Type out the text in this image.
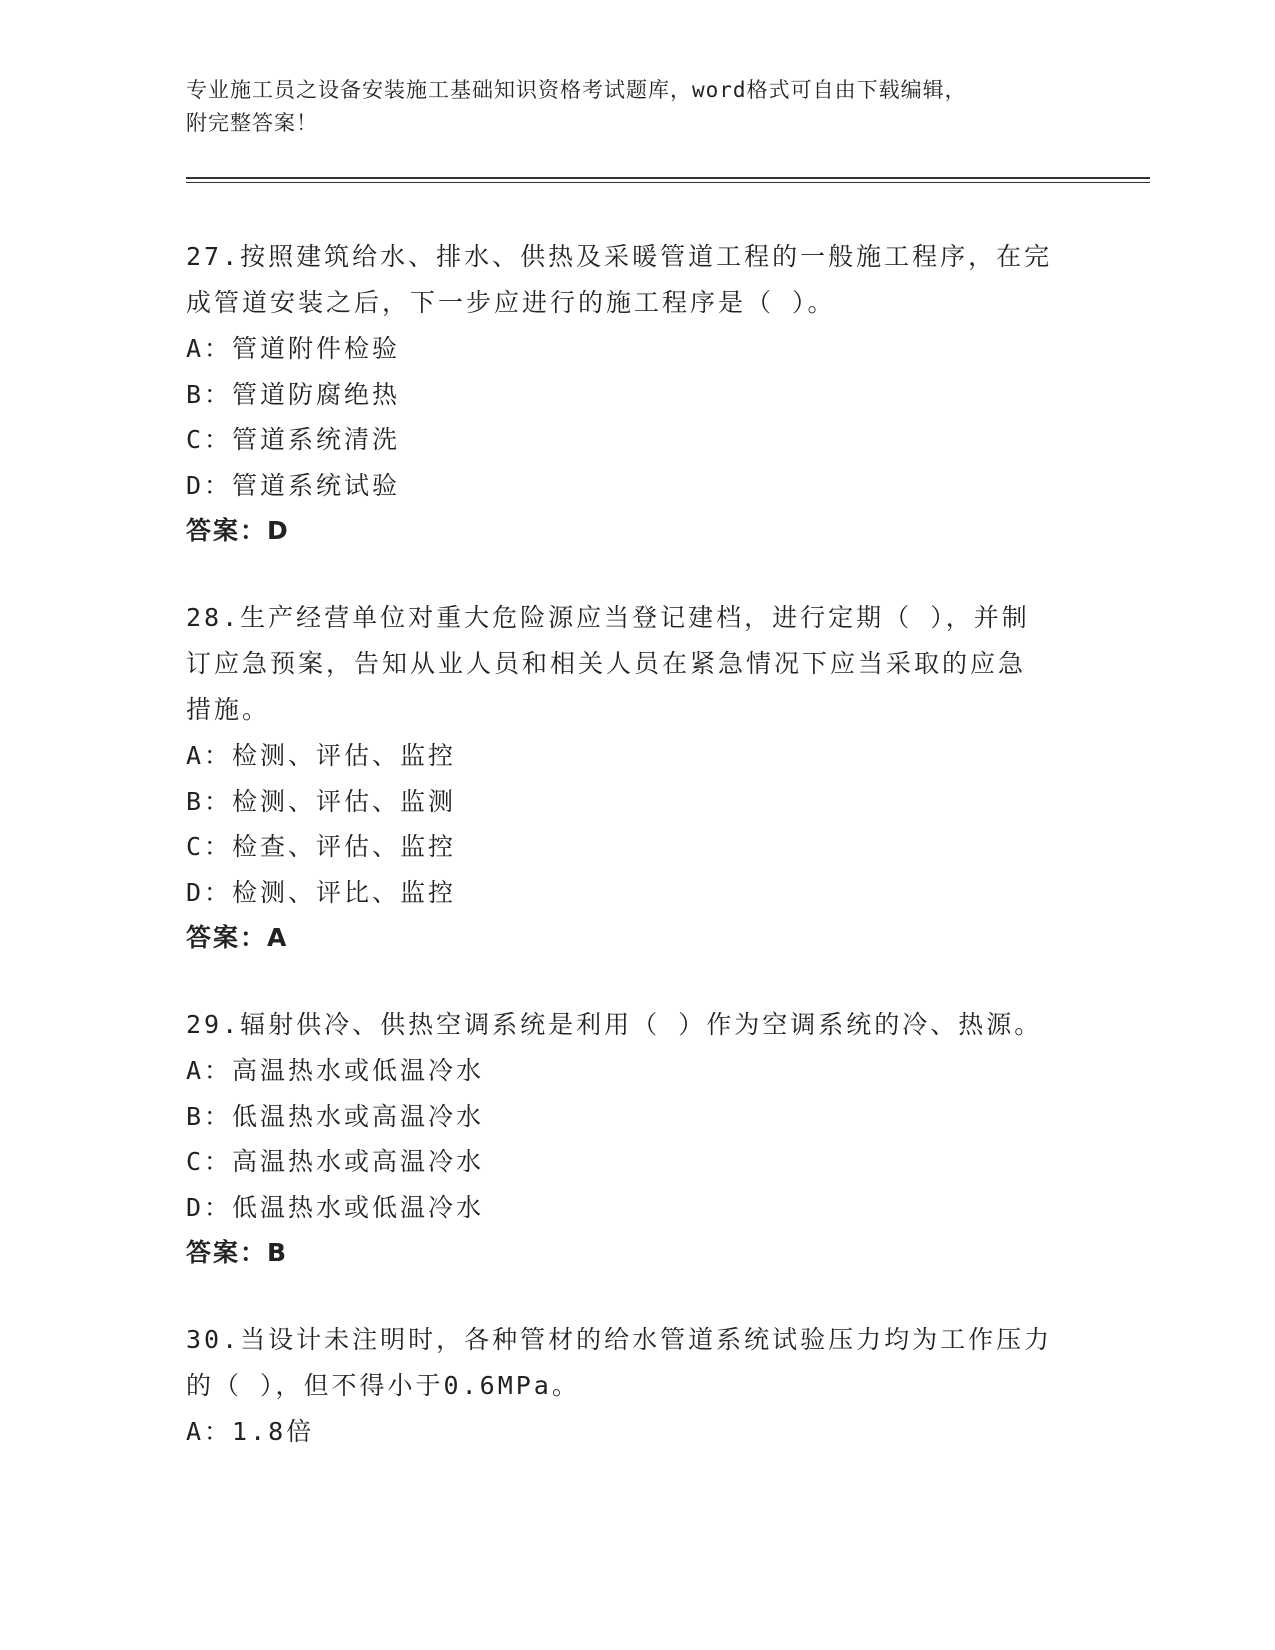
专业施工员之设备安装施工基础知识资格考试题库，word格式可自由下载编辑，
附完整答案！

27.按照建筑给水、排水、供热及采暖管道工程的一般施工程序，在完
成管道安装之后，下一步应进行的施工程序是（ ）。

A：管道附件检验

B：管道防腐绝热

C：管道系统清洗

D：管道系统试验

答案：D

28.生产经营单位对重大危险源应当登记建档，进行定期（ ），并制
订应急预案，告知从业人员和相关人员在紧急情况下应当采取的应急
措施。

A：检测、评估、监控

B：检测、评估、监测

C：检查、评估、监控

D：检测、评比、监控

答案：A

29.辐射供冷、供热空调系统是利用（ ）作为空调系统的冷、热源。

A：高温热水或低温冷水

B：低温热水或高温冷水

C：高温热水或高温冷水

D：低温热水或低温冷水

答案：B

30.当设计未注明时，各种管材的给水管道系统试验压力均为工作压力
的（ ），但不得小于0.6MPa。

A：1.8倍
